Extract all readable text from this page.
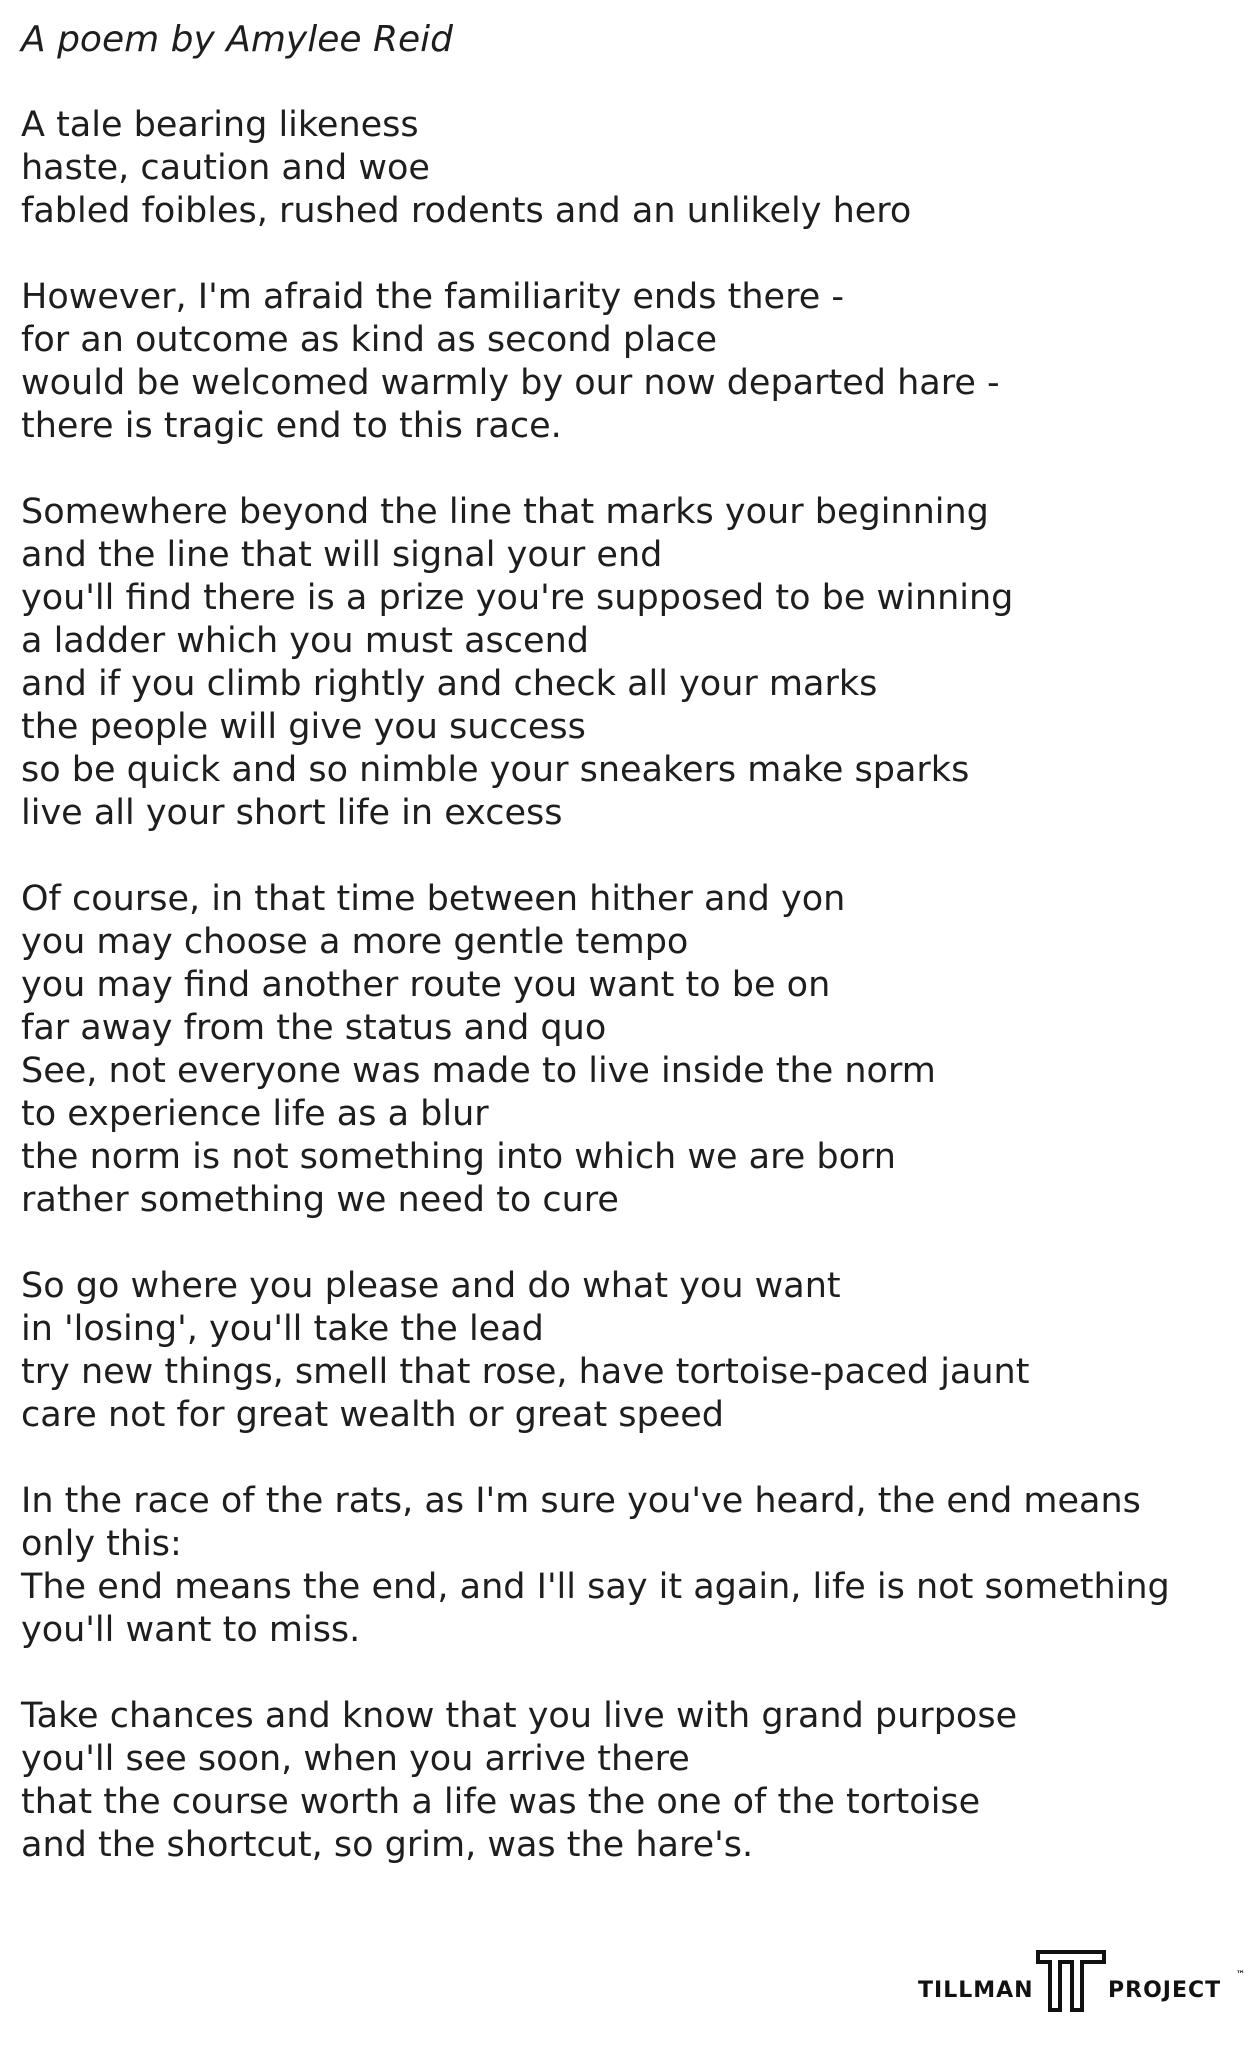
A poem by Amylee Reid
A tale bearing likeness
haste, caution and woe
fabled foibles, rushed rodents and an unlikely hero
However, I'm afraid the familiarity ends there -
for an outcome as kind as second place
would be welcomed warmly by our now departed hare -
there is tragic end to this race.
Somewhere beyond the line that marks your beginning
and the line that will signal your end
you'll find there is a prize you're supposed to be winning
a ladder which you must ascend
and if you climb rightly and check all your marks
the people will give you success
so be quick and so nimble your sneakers make sparks
live all your short life in excess
Of course, in that time between hither and yon
you may choose a more gentle tempo
you may find another route you want to be on
far away from the status and quo
See, not everyone was made to live inside the norm
to experience life as a blur
the norm is not something into which we are born
rather something we need to cure
So go where you please and do what you want
in 'losing', you'll take the lead
try new things, smell that rose, have tortoise-paced jaunt
care not for great wealth or great speed
In the race of the rats, as I'm sure you've heard, the end means
only this:
The end means the end, and I'll say it again, life is not something
you'll want to miss.
Take chances and know that you live with grand purpose
you'll see soon, when you arrive there
that the course worth a life was the one of the tortoise
and the shortcut, so grim, was the hare's.
TILLMAN	PROJECT
™
